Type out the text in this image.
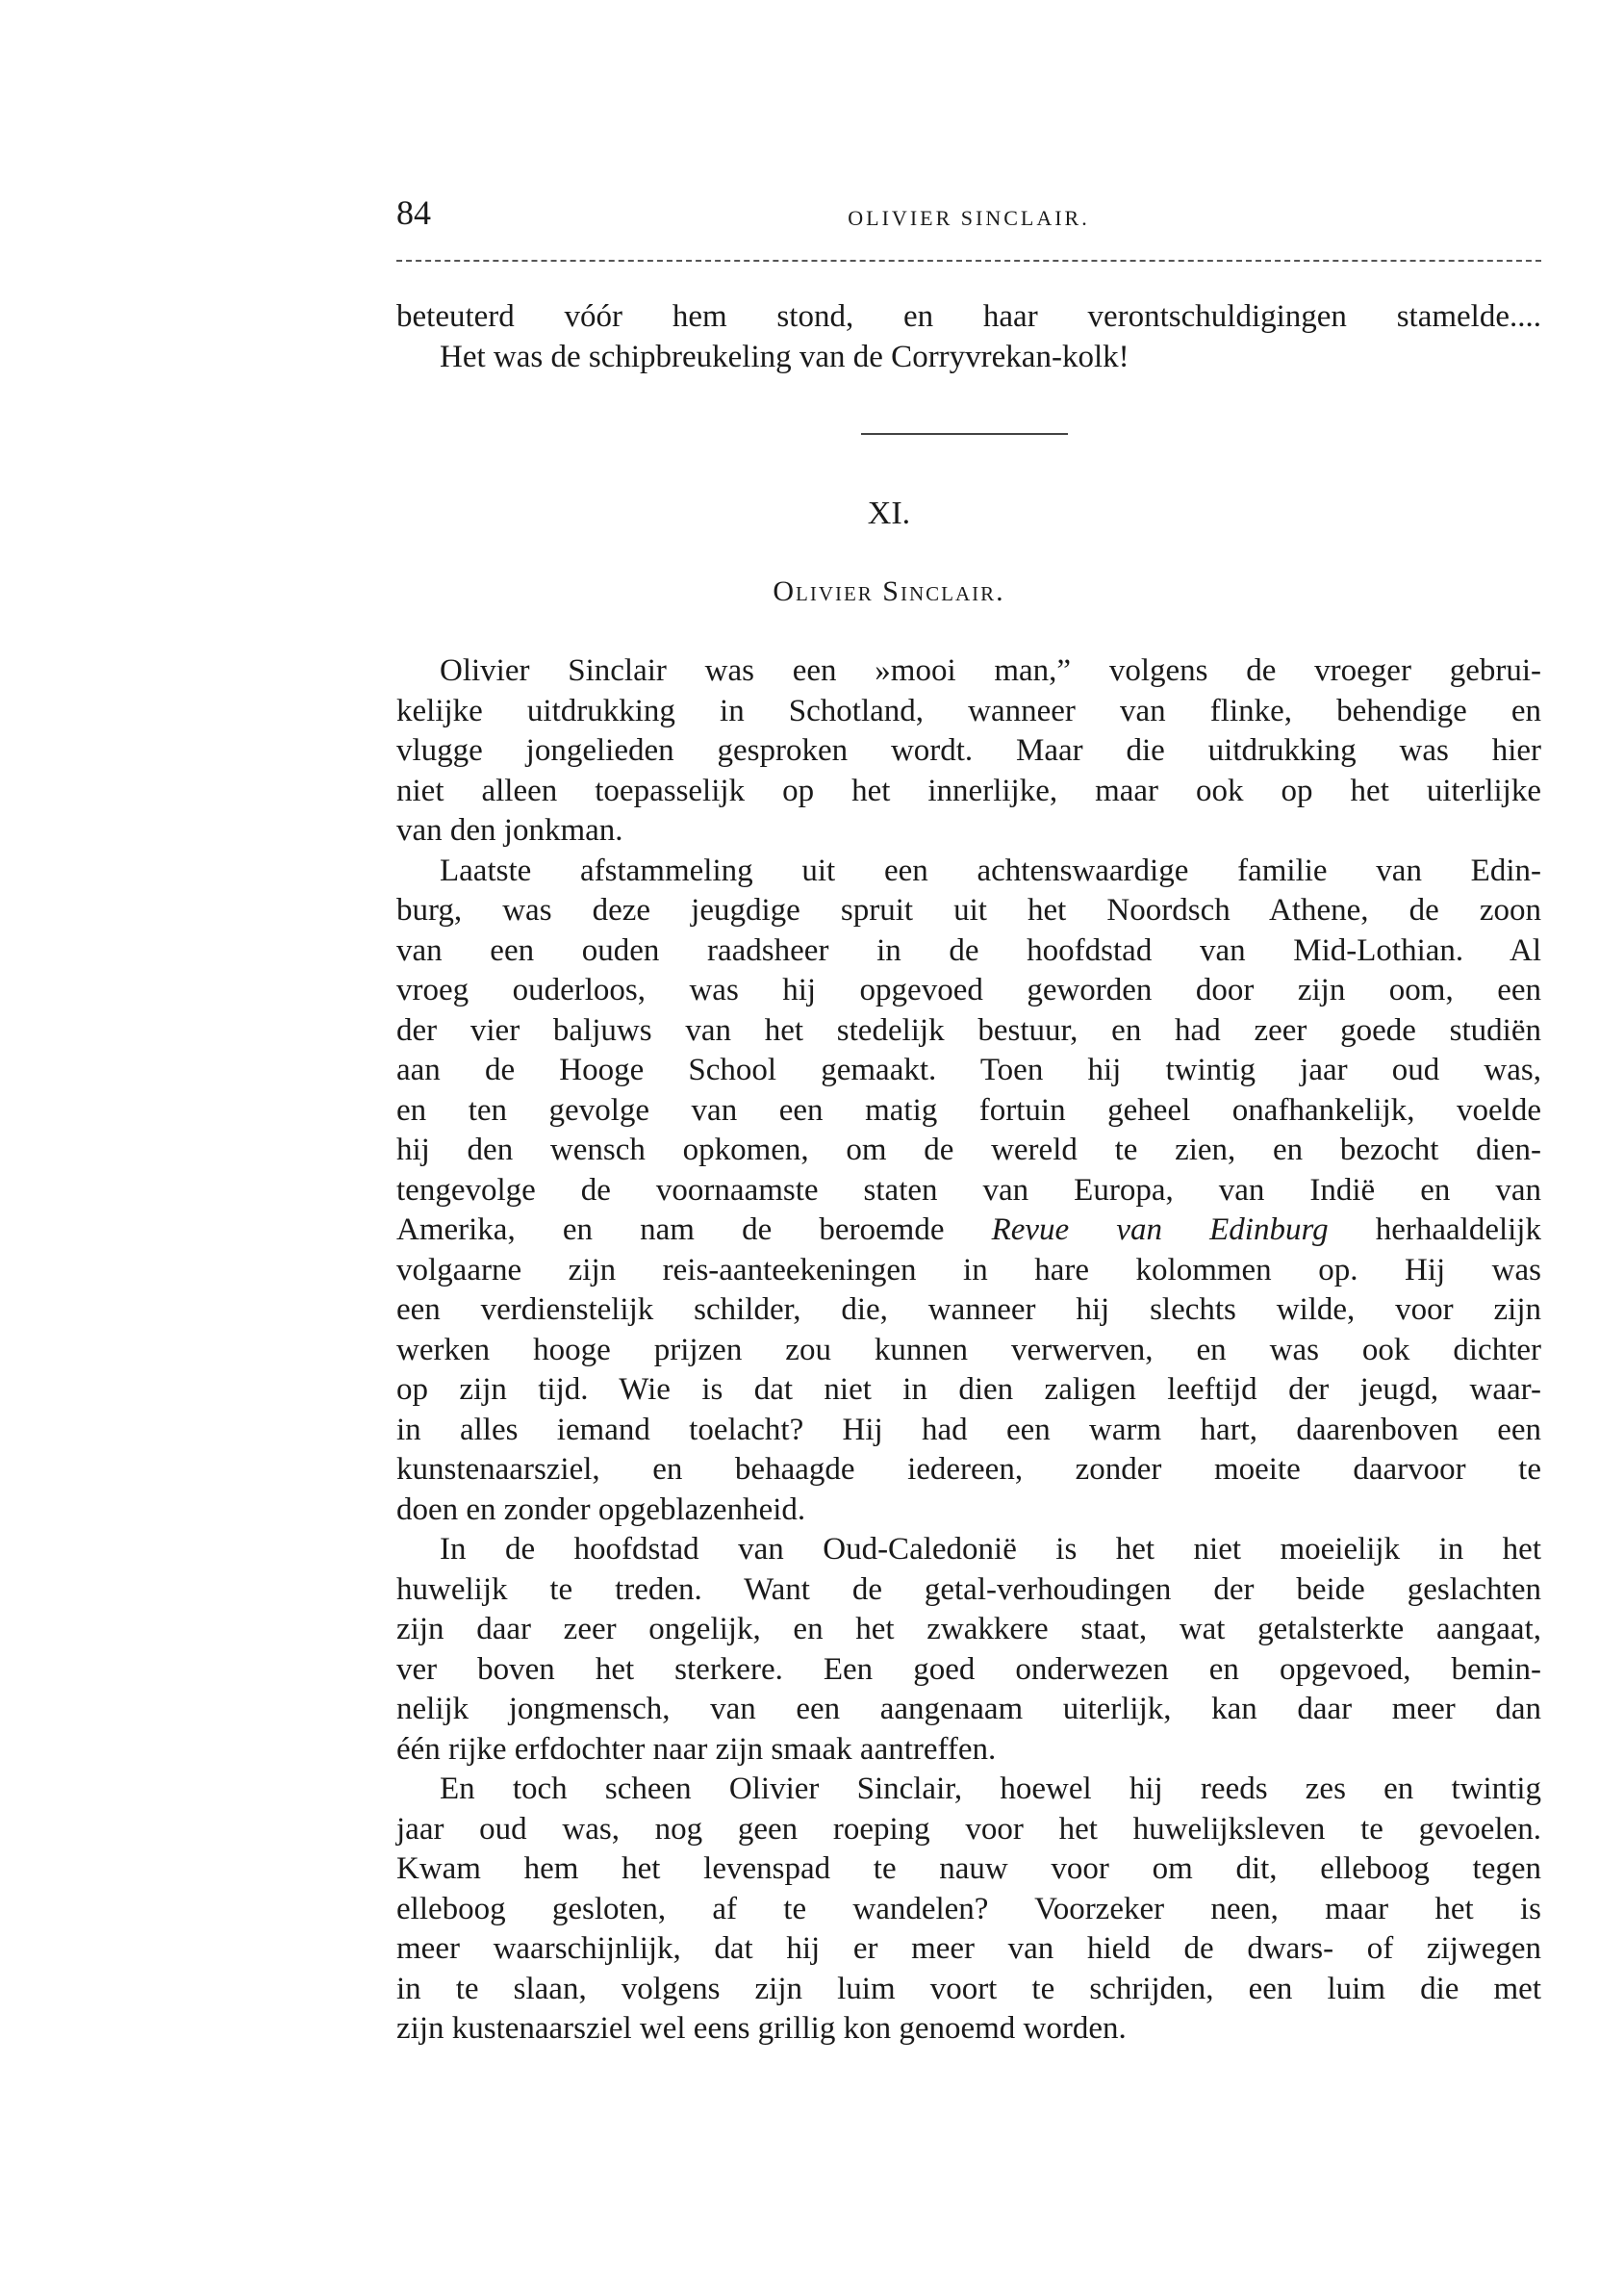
84	OLIVIER SINCLAIR.
beteuterd vóór hem stond, en haar verontschuldigingen stamelde....
Het was de schipbreukeling van de Corryvrekan-kolk!
XI.
Olivier Sinclair.
Olivier Sinclair was een »mooi man,” volgens de vroeger gebrui-
kelijke uitdrukking in Schotland, wanneer van flinke, behendige en
vlugge jongelieden gesproken wordt. Maar die uitdrukking was hier
niet alleen toepasselijk op het innerlijke, maar ook op het uiterlijke
van den jonkman.
Laatste afstammeling uit een achtenswaardige familie van Edin-
burg, was deze jeugdige spruit uit het Noordsch Athene, de zoon
van een ouden raadsheer in de hoofdstad van Mid-Lothian. Al
vroeg ouderloos, was hij opgevoed geworden door zijn oom, een
der vier baljuws van het stedelijk bestuur, en had zeer goede studiën
aan de Hooge School gemaakt. Toen hij twintig jaar oud was,
en ten gevolge van een matig fortuin geheel onafhankelijk, voelde
hij den wensch opkomen, om de wereld te zien, en bezocht dien-
tengevolge de voornaamste staten van Europa, van Indië en van
Amerika, en nam de beroemde Revue van Edinburg herhaaldelijk
volgaarne zijn reis-aanteekeningen in hare kolommen op. Hij was
een verdienstelijk schilder, die, wanneer hij slechts wilde, voor zijn
werken hooge prijzen zou kunnen verwerven, en was ook dichter
op zijn tijd. Wie is dat niet in dien zaligen leeftijd der jeugd, waar-
in alles iemand toelacht? Hij had een warm hart, daarenboven een
kunstenaarsziel, en behaagde iedereen, zonder moeite daarvoor te
doen en zonder opgeblazenheid.
In de hoofdstad van Oud-Caledonië is het niet moeielijk in het
huwelijk te treden. Want de getal-verhoudingen der beide geslachten
zijn daar zeer ongelijk, en het zwakkere staat, wat getalsterkte aangaat,
ver boven het sterkere. Een goed onderwezen en opgevoed, bemin-
nelijk jongmensch, van een aangenaam uiterlijk, kan daar meer dan
één rijke erfdochter naar zijn smaak aantreffen.
En toch scheen Olivier Sinclair, hoewel hij reeds zes en twintig
jaar oud was, nog geen roeping voor het huwelijksleven te gevoelen.
Kwam hem het levenspad te nauw voor om dit, elleboog tegen
elleboog gesloten, af te wandelen? Voorzeker neen, maar het is
meer waarschijnlijk, dat hij er meer van hield de dwars- of zijwegen
in te slaan, volgens zijn luim voort te schrijden, een luim die met
zijn kustenaarsziel wel eens grillig kon genoemd worden.
